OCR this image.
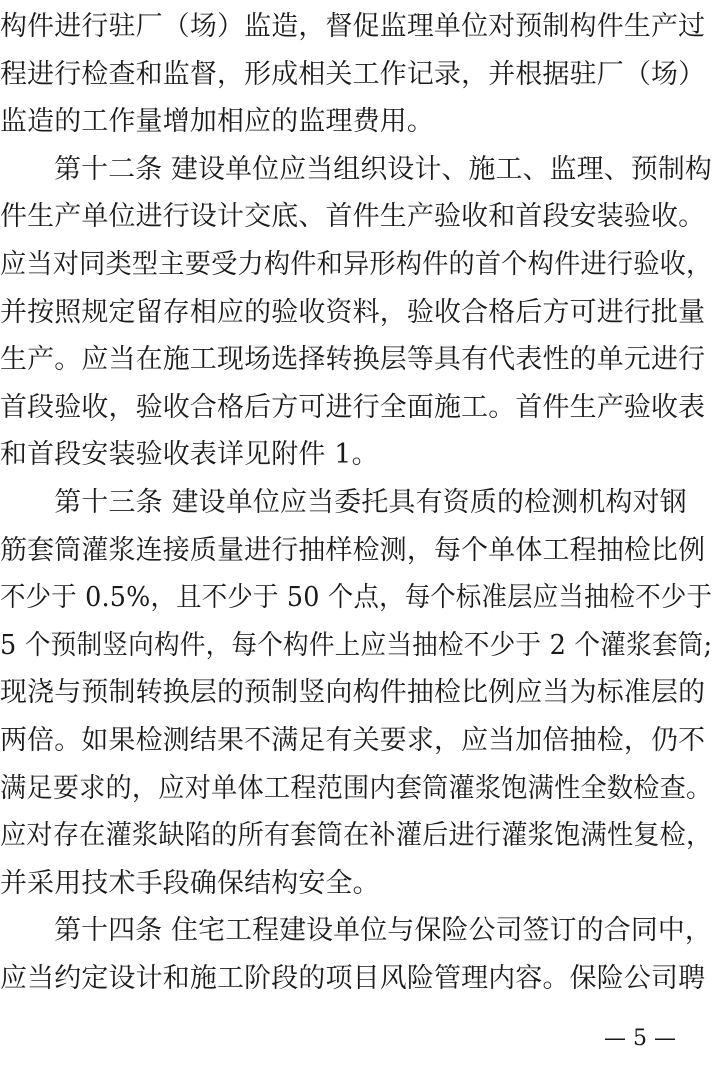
构件进行驻厂（场）监造，督促监理单位对预制构件生产过
程进行检查和监督，形成相关工作记录，并根据驻厂（场）
监造的工作量增加相应的监理费用。
　　第十二条 建设单位应当组织设计、施工、监理、预制构
件生产单位进行设计交底、首件生产验收和首段安装验收。
应当对同类型主要受力构件和异形构件的首个构件进行验收，
并按照规定留存相应的验收资料，验收合格后方可进行批量
生产。应当在施工现场选择转换层等具有代表性的单元进行
首段验收，验收合格后方可进行全面施工。首件生产验收表
和首段安装验收表详见附件 1。
　　第十三条 建设单位应当委托具有资质的检测机构对钢
筋套筒灌浆连接质量进行抽样检测，每个单体工程抽检比例
不少于 0.5%，且不少于 50 个点，每个标准层应当抽检不少于
5 个预制竖向构件，每个构件上应当抽检不少于 2 个灌浆套筒;
现浇与预制转换层的预制竖向构件抽检比例应当为标准层的
两倍。如果检测结果不满足有关要求，应当加倍抽检，仍不
满足要求的，应对单体工程范围内套筒灌浆饱满性全数检查。
应对存在灌浆缺陷的所有套筒在补灌后进行灌浆饱满性复检，
并采用技术手段确保结构安全。
　　第十四条 住宅工程建设单位与保险公司签订的合同中，
应当约定设计和施工阶段的项目风险管理内容。保险公司聘
— 5 —
